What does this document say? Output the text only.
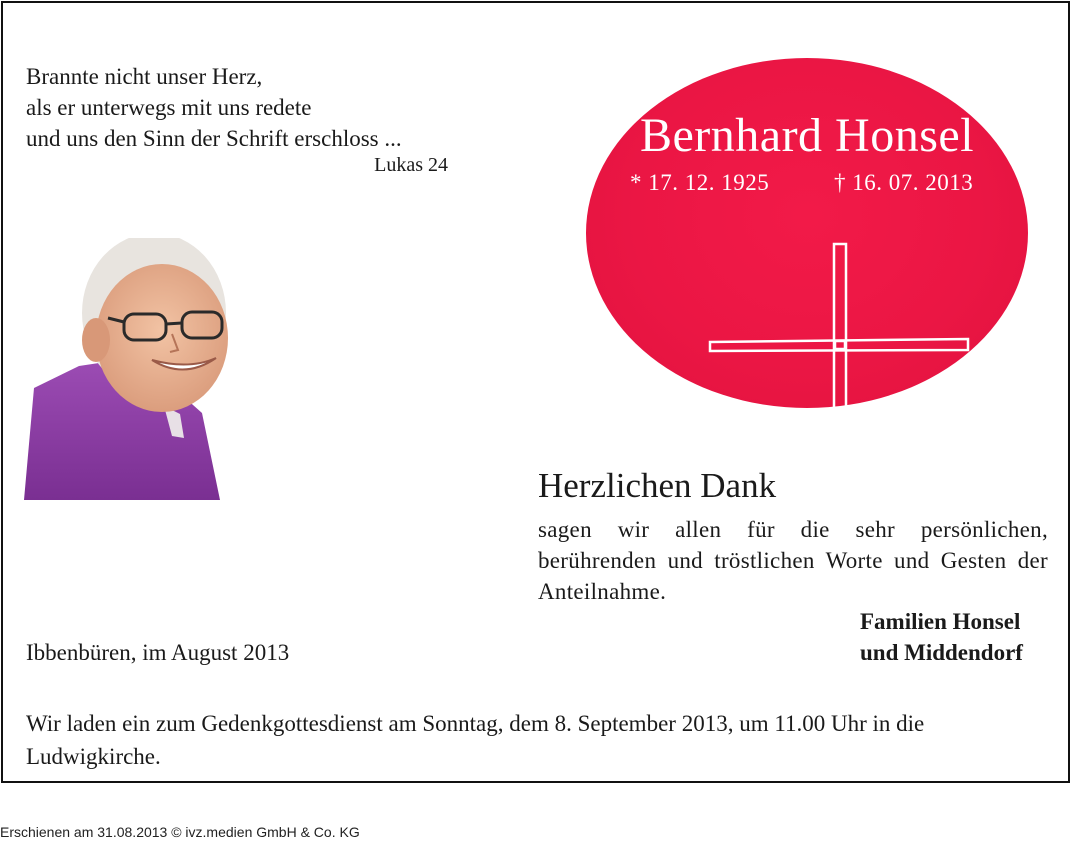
Brannte nicht unser Herz,
als er unterwegs mit uns redete
und uns den Sinn der Schrift erschloss ...
Lukas 24
Bernhard Honsel
* 17. 12. 1925	† 16. 07. 2013
Herzlichen Dank
sagen wir allen für die sehr persönlichen, berührenden und tröstlichen Worte und Gesten der Anteilnahme.
Familien Honsel
und Middendorf
Ibbenbüren, im August 2013
Wir laden ein zum Gedenkgottesdienst am Sonntag, dem 8. September 2013, um 11.00 Uhr in die Ludwigkirche.
Erschienen am 31.08.2013 © ivz.medien GmbH & Co. KG
